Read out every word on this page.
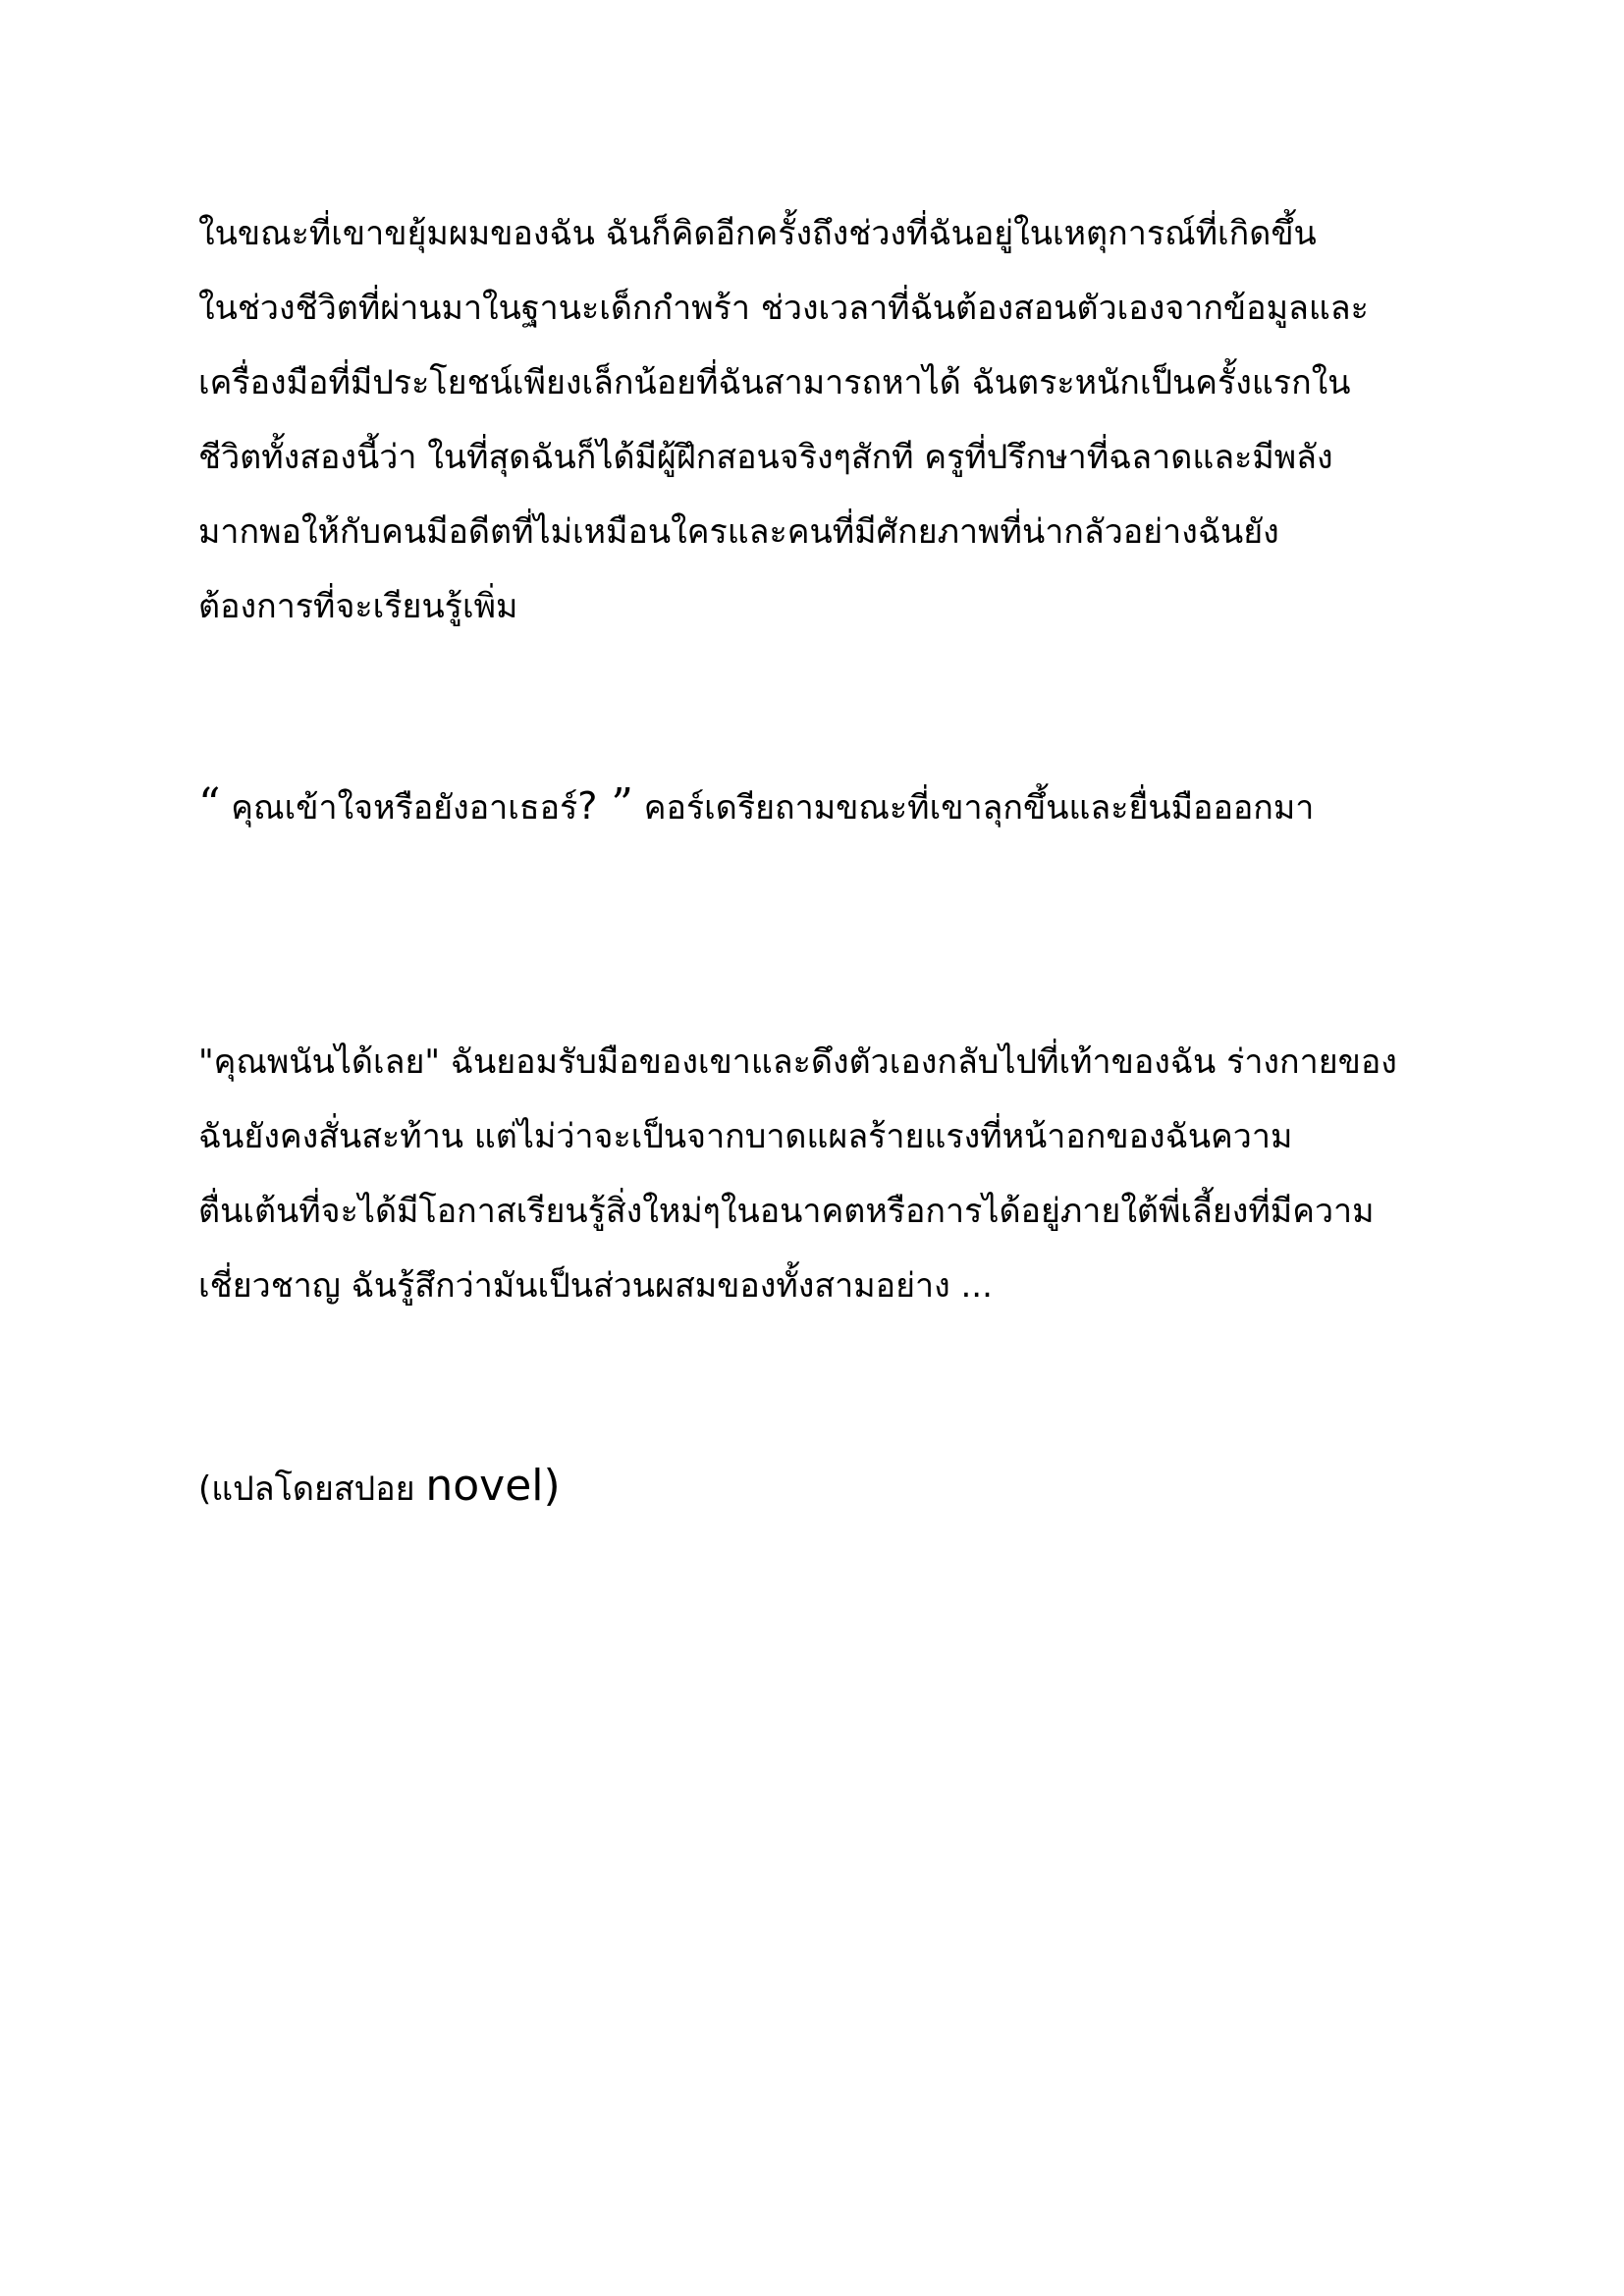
ในขณะที่เขาขยุ้มผมของฉัน ฉันก็คิดอีกครั้งถึงช่วงที่ฉันอยู่ในเหตุการณ์ที่เกิดขึ้น
ในช่วงชีวิตที่ผ่านมาในฐานะเด็กกำพร้า ช่วงเวลาที่ฉันต้องสอนตัวเองจากข้อมูลและ
เครื่องมือที่มีประโยชน์เพียงเล็กน้อยที่ฉันสามารถหาได้ ฉันตระหนักเป็นครั้งแรกใน
ชีวิตทั้งสองนี้ว่า ในที่สุดฉันก็ได้มีผู้ฝึกสอนจริงๆสักที ครูที่ปรึกษาที่ฉลาดและมีพลัง
มากพอให้กับคนมีอดีตที่ไม่เหมือนใครและคนที่มีศักยภาพที่น่ากลัวอย่างฉันยัง
ต้องการที่จะเรียนรู้เพิ่ม
“ คุณเข้าใจหรือยังอาเธอร์? ” คอร์เดรียถามขณะที่เขาลุกขึ้นและยื่นมือออกมา
"คุณพนันได้เลย" ฉันยอมรับมือของเขาและดึงตัวเองกลับไปที่เท้าของฉัน ร่างกายของ
ฉันยังคงสั่นสะท้าน แต่ไม่ว่าจะเป็นจากบาดแผลร้ายแรงที่หน้าอกของฉันความ
ตื่นเต้นที่จะได้มีโอกาสเรียนรู้สิ่งใหม่ๆในอนาคตหรือการได้อยู่ภายใต้พี่เลี้ยงที่มีความ
เชี่ยวชาญ ฉันรู้สึกว่ามันเป็นส่วนผสมของทั้งสามอย่าง ...
(แปลโดยสปอย novel)
